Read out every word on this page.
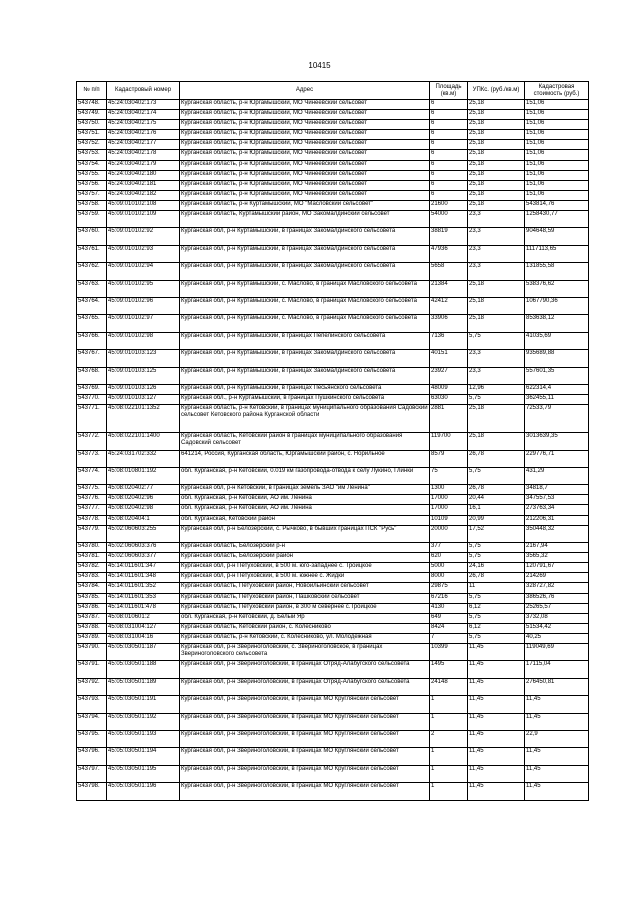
10415
№ п/п	Кадастровый номер	Адрес	Площадь (кв.м)	УПКс. (руб./кв.м)	Кадастровая стоимость (руб.)
543748.	45:24:030402:173	Курганская область, р-н Юргамышский, МО Чинеевский сельсовет	6	25,18	151,06
543749.	45:24:030402:174	Курганская область, р-н Юргамышский, МО Чинеевский сельсовет	6	25,18	151,06
543750.	45:24:030402:175	Курганская область, р-н Юргамышский, МО Чинеевский сельсовет	6	25,18	151,06
543751.	45:24:030402:176	Курганская область, р-н Юргамышский, МО Чинеевский сельсовет	6	25,18	151,06
543752.	45:24:030402:177	Курганская область, р-н Юргамышский, МО Чинеевский сельсовет	6	25,18	151,06
543753.	45:24:030402:178	Курганская область, р-н Юргамышский, МО Чинеевский сельсовет	6	25,18	151,06
543754.	45:24:030402:179	Курганская область, р-н Юргамышский, МО Чинеевский сельсовет	6	25,18	151,06
543755.	45:24:030402:180	Курганская область, р-н Юргамышский, МО Чинеевский сельсовет	6	25,18	151,06
543756.	45:24:030402:181	Курганская область, р-н Юргамышский, МО Чинеевский сельсовет	6	25,18	151,06
543757.	45:24:030402:182	Курганская область, р-н Юргамышский, МО Чинеевский сельсовет	6	25,18	151,06
543758.	45:09:010102:108	Курганская область, р-н Куртамышский, МО "Масловский сельсовет"	21600	25,18	543814,76
543759.	45:09:010102:109	Курганская область, Куртамышский район, МО Закомалдинский сельсовет	54000	23,3	1258430,77
543760.	45:09:010102:92	Курганская обл, р-н Куртамышский, в границах Закомалдинского сельсовета	38819	23,3	904648,59
543761.	45:09:010102:93	Курганская обл, р-н Куртамышский, в границах Закомалдинского сельсовета	47936	23,3	1117113,65
543762.	45:09:010102:94	Курганская обл, р-н Куртамышский, в границах Закомалдинского сельсовета	5658	23,3	131855,58
543763.	45:09:010102:95	Курганская обл, р-н Куртамышский, с. Маслово, в границах Масловского сельсовета	21384	25,18	538376,62
543764.	45:09:010102:96	Курганская обл, р-н Куртамышский, с. Маслово, в границах Масловского сельсовета	42412	25,18	1067790,36
543765.	45:09:010102:97	Курганская обл, р-н Куртамышский, с. Маслово, в границах Масловского сельсовета	33906	25,18	853638,12
543766.	45:09:010102:98	Курганская обл, р-н Куртамышский, в границах Пепелинского сельсовета	7136	5,75	41035,69
543767.	45:09:010103:123	Курганская обл, р-н Куртамышский, в границах Закомалдинского сельсовета	40151	23,3	935689,88
543768.	45:09:010103:125	Курганская обл, р-н Куртамышский, в границах Закомалдинского сельсовета	23927	23,3	557601,35
543769.	45:09:010103:126	Курганская обл, р-н Куртамышский, в границах Песьянского сельсовета	48009	12,96	622314,4
543770.	45:09:010103:127	Курганская обл., р-н Куртамышский, в границах Пушкинского сельсовета	63030	5,75	362455,11
543771.	45:08:022101:1352	Курганская область, р-н Кетовский, в границах муниципального образования Садовский сельсовет Кетовского района Курганской области	2881	25,18	72533,79
543772.	45:08:022101:1400	Курганская область, Кетовский район в границах муниципального образования Садовский сельсовет	119700	25,18	3013639,35
543773.	45:24:031702:332	641214, Россия, Курганская область, Юргамышский район, с. Норильное	8579	26,78	229776,71
543774.	45:08:010801:192	обл. Курганская, р-н Кетовский, 0.019 км газопровода-отвода к селу Лукино, Глинки	75	5,75	431,29
543775.	45:08:020402:77	Курганская обл, р-н Кетовский, в границах земель ЗАО "им Ленина"	1300	26,78	34818,7
543776.	45:08:020402:96	обл. Курганская, р-н Кетовский, АО им. Ленина	17000	20,44	347557,53
543777.	45:08:020402:98	обл. Курганская, р-н Кетовский, АО им. Ленина	17000	16,1	273763,34
543778.	45:08:020404:1	обл. Курганская, Кетовский район	10109	20,99	212206,31
543779.	45:02:060603:255	Курганская обл, р-н Белозерский, с. Рычково, в бывших границах ПСК "Русь"	20000	17,52	350448,32
543780.	45:02:060603:376	Курганская область, Белозерский р-н	377	5,75	2167,94
543781.	45:02:060603:377	Курганская область, Белозерский район	620	5,75	3565,32
543782.	45:14:011601:347	Курганская обл, р-н Петуховский, в 500 м. юго-западнее с. Троицкое	5000	24,16	120791,67
543783.	45:14:011601:348	Курганская обл, р-н Петуховский, в 500 м. южнее с. Жидки	8000	26,78	214269
543784.	45:14:011601:352	Курганская область, Петуховский район, Новоильинский сельсовет	29875	11	328727,82
543785.	45:14:011601:353	Курганская область, Петуховский район, Пашковский сельсовет	67216	5,75	386526,76
543786.	45:14:011601:478	Курганская область, Петуховский район, в 300 м севернее с.Троицкое	4130	6,12	25265,57
543787.	45:08:010601:2	обл. Курганская, р-н Кетовский, д. Белый Яр	649	5,75	3732,08
543788.	45:08:031004:127	Курганская область, Кетовский район, с. Колесниково	8424	6,12	51534,42
543789.	45:08:031004:16	Курганская область, р-н Кетовский, с. Колесниково, ул. Молодежная	7	5,75	40,25
543790.	45:05:030501:187	Курганская обл, р-н Звериноголовский, с. Звериноголовское, в границах Звериноголовского сельсовета	10399	11,45	119049,69
543791.	45:05:030501:188	Курганская обл, р-н Звериноголовский, в границах Отряд-Алабугского сельсовета	1495	11,45	17115,04
543792.	45:05:030501:189	Курганская обл, р-н Звериноголовский, в границах Отряд-Алабугского сельсовета	24148	11,45	276450,81
543793.	45:05:030501:191	Курганская обл, р-н Звериноголовский, в границах МО Круглянский сельсовет	1	11,45	11,45
543794.	45:05:030501:192	Курганская обл, р-н Звериноголовский, в границах МО Круглянский сельсовет	1	11,45	11,45
543795.	45:05:030501:193	Курганская обл, р-н Звериноголовский, в границах МО Круглянский сельсовет	2	11,45	22,9
543796.	45:05:030501:194	Курганская обл, р-н Звериноголовский, в границах МО Круглянский сельсовет	1	11,45	11,45
543797.	45:05:030501:195	Курганская обл, р-н Звериноголовский, в границах МО Круглянский сельсовет	1	11,45	11,45
543798.	45:05:030501:196	Курганская обл, р-н Звериноголовский, в границах МО Круглянский сельсовет	1	11,45	11,45
